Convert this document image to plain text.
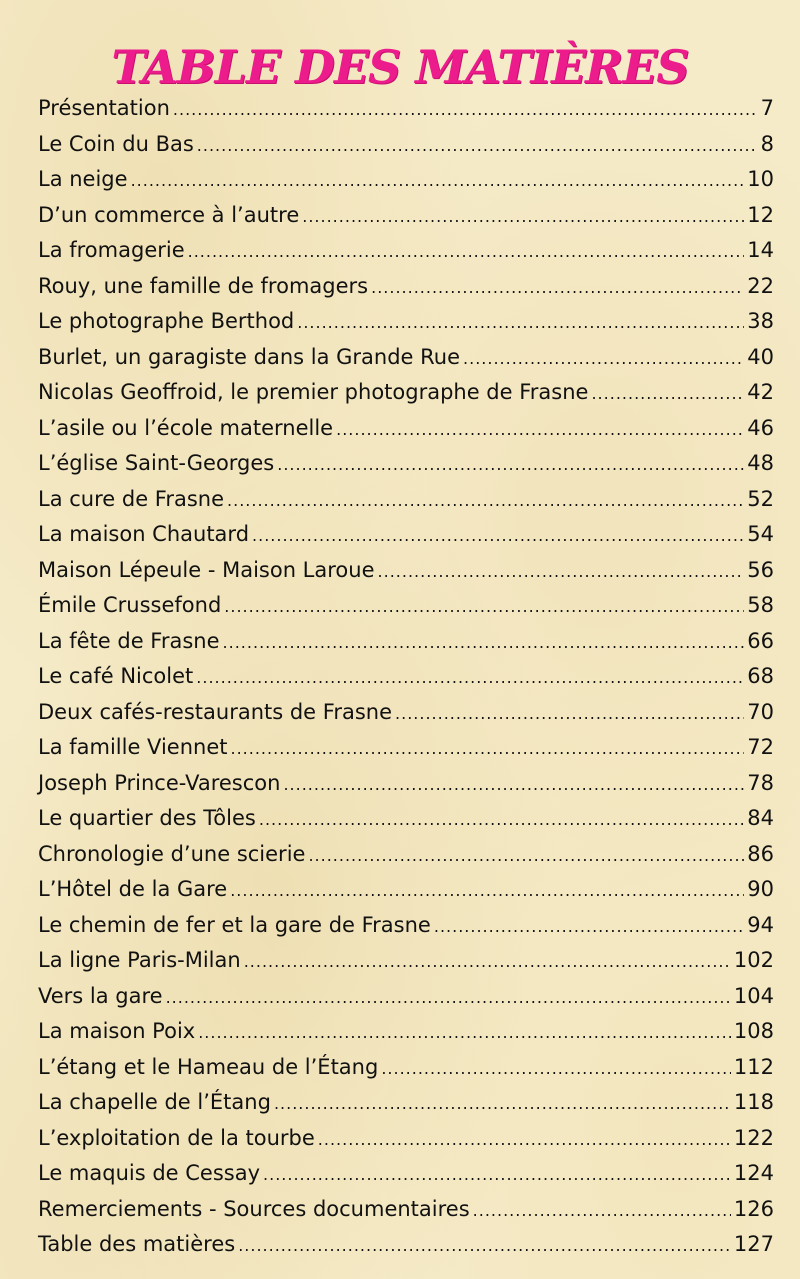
TABLE DES MATIÈRES
Présentation .....	7
Le Coin du Bas .....	8
La neige .....	10
D’un commerce à l’autre .....	12
La fromagerie .....	14
Rouy, une famille de fromagers .....	22
Le photographe Berthod .....	38
Burlet, un garagiste dans la Grande Rue .....	40
Nicolas Geoffroid, le premier photographe de Frasne .....	42
L’asile ou l’école maternelle .....	46
L’église Saint-Georges .....	48
La cure de Frasne .....	52
La maison Chautard .....	54
Maison Lépeule - Maison Laroue .....	56
Émile Crussefond .....	58
La fête de Frasne .....	66
Le café Nicolet .....	68
Deux cafés-restaurants de Frasne .....	70
La famille Viennet .....	72
Joseph Prince-Varescon .....	78
Le quartier des Tôles .....	84
Chronologie d’une scierie .....	86
L’Hôtel de la Gare .....	90
Le chemin de fer et la gare de Frasne .....	94
La ligne Paris-Milan .....	102
Vers la gare .....	104
La maison Poix .....	108
L’étang et le Hameau de l’Étang .....	112
La chapelle de l’Étang .....	118
L’exploitation de la tourbe .....	122
Le maquis de Cessay .....	124
Remerciements - Sources documentaires .....	126
Table des matières .....	127
